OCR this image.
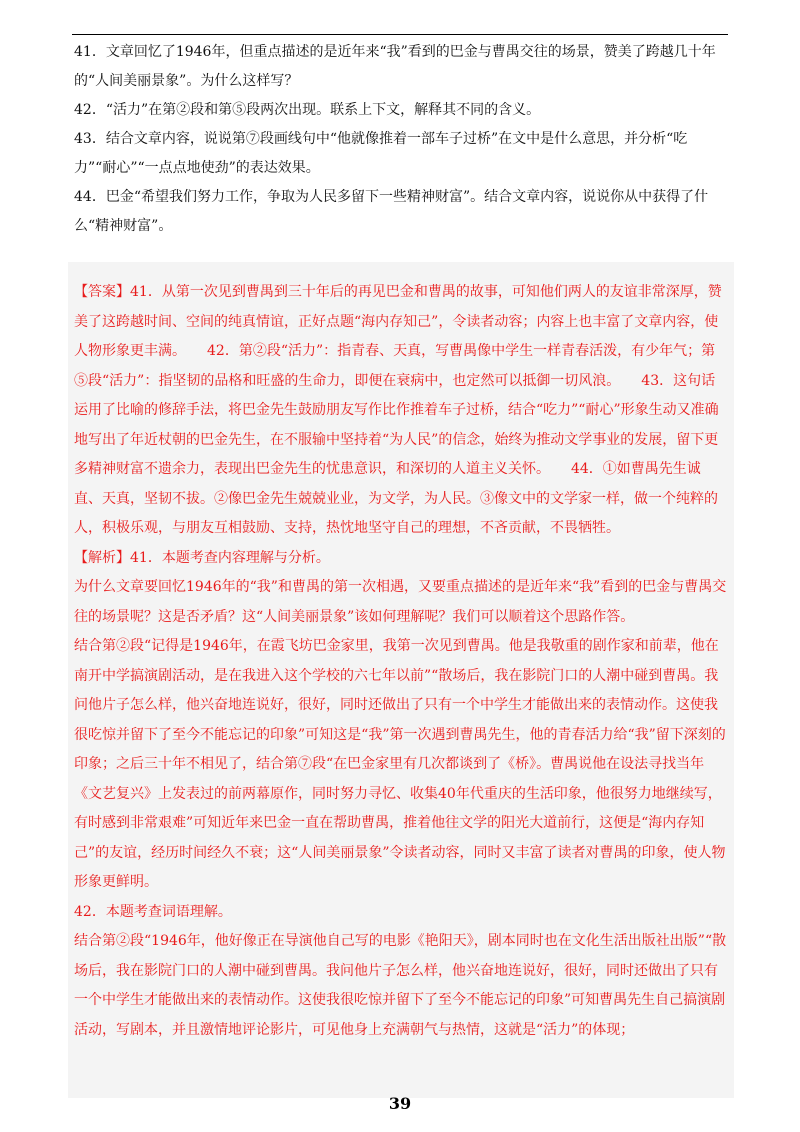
41．文章回忆了1946年，但重点描述的是近年来“我”看到的巴金与曹禺交往的场景，赞美了跨越几十年的“人间美丽景象”。为什么这样写？

42．“活力”在第②段和第⑤段两次出现。联系上下文，解释其不同的含义。

43．结合文章内容，说说第⑦段画线句中“他就像推着一部车子过桥”在文中是什么意思，并分析“吃力”“耐心”“一点点地使劲”的表达效果。

44．巴金“希望我们努力工作，争取为人民多留下一些精神财富”。结合文章内容，说说你从中获得了什么“精神财富”。

【答案】41．从第一次见到曹禺到三十年后的再见巴金和曹禺的故事，可知他们两人的友谊非常深厚，赞美了这跨越时间、空间的纯真情谊，正好点题“海内存知己”，令读者动容；内容上也丰富了文章内容，使人物形象更丰满。　　42．第②段“活力”：指青春、天真，写曹禺像中学生一样青春活泼，有少年气；第⑤段“活力”：指坚韧的品格和旺盛的生命力，即便在衰病中，也定然可以抵御一切风浪。　　43．这句话运用了比喻的修辞手法，将巴金先生鼓励朋友写作比作推着车子过桥，结合“吃力”“耐心”形象生动又准确地写出了年近杖朝的巴金先生，在不服输中坚持着“为人民”的信念，始终为推动文学事业的发展，留下更多精神财富不遗余力，表现出巴金先生的忧患意识，和深切的人道主义关怀。　　44．①如曹禺先生诚直、天真，坚韧不拔。②像巴金先生兢兢业业，为文学，为人民。③像文中的文学家一样，做一个纯粹的人，积极乐观，与朋友互相鼓励、支持，热忱地坚守自己的理想，不吝贡献，不畏牺牲。

【解析】41．本题考查内容理解与分析。

为什么文章要回忆1946年的“我”和曹禺的第一次相遇，又要重点描述的是近年来“我”看到的巴金与曹禺交往的场景呢？这是否矛盾？这“人间美丽景象”该如何理解呢？我们可以顺着这个思路作答。

结合第②段“记得是1946年，在霞飞坊巴金家里，我第一次见到曹禺。他是我敬重的剧作家和前辈，他在南开中学搞演剧活动，是在我进入这个学校的六七年以前”“散场后，我在影院门口的人潮中碰到曹禺。我问他片子怎么样，他兴奋地连说好，很好，同时还做出了只有一个中学生才能做出来的表情动作。这使我很吃惊并留下了至今不能忘记的印象”可知这是“我”第一次遇到曹禺先生，他的青春活力给“我”留下深刻的印象；之后三十年不相见了，结合第⑦段“在巴金家里有几次都谈到了《桥》。曹禺说他在设法寻找当年《文艺复兴》上发表过的前两幕原作，同时努力寻忆、收集40年代重庆的生活印象，他很努力地继续写，有时感到非常艰难”可知近年来巴金一直在帮助曹禺，推着他往文学的阳光大道前行，这便是“海内存知己”的友谊，经历时间经久不衰；这“人间美丽景象”令读者动容，同时又丰富了读者对曹禺的印象，使人物形象更鲜明。

42．本题考查词语理解。

结合第②段“1946年，他好像正在导演他自己写的电影《艳阳天》，剧本同时也在文化生活出版社出版”“散场后，我在影院门口的人潮中碰到曹禺。我问他片子怎么样，他兴奋地连说好，很好，同时还做出了只有一个中学生才能做出来的表情动作。这使我很吃惊并留下了至今不能忘记的印象”可知曹禺先生自己搞演剧活动，写剧本，并且激情地评论影片，可见他身上充满朝气与热情，这就是“活力”的体现；

39
